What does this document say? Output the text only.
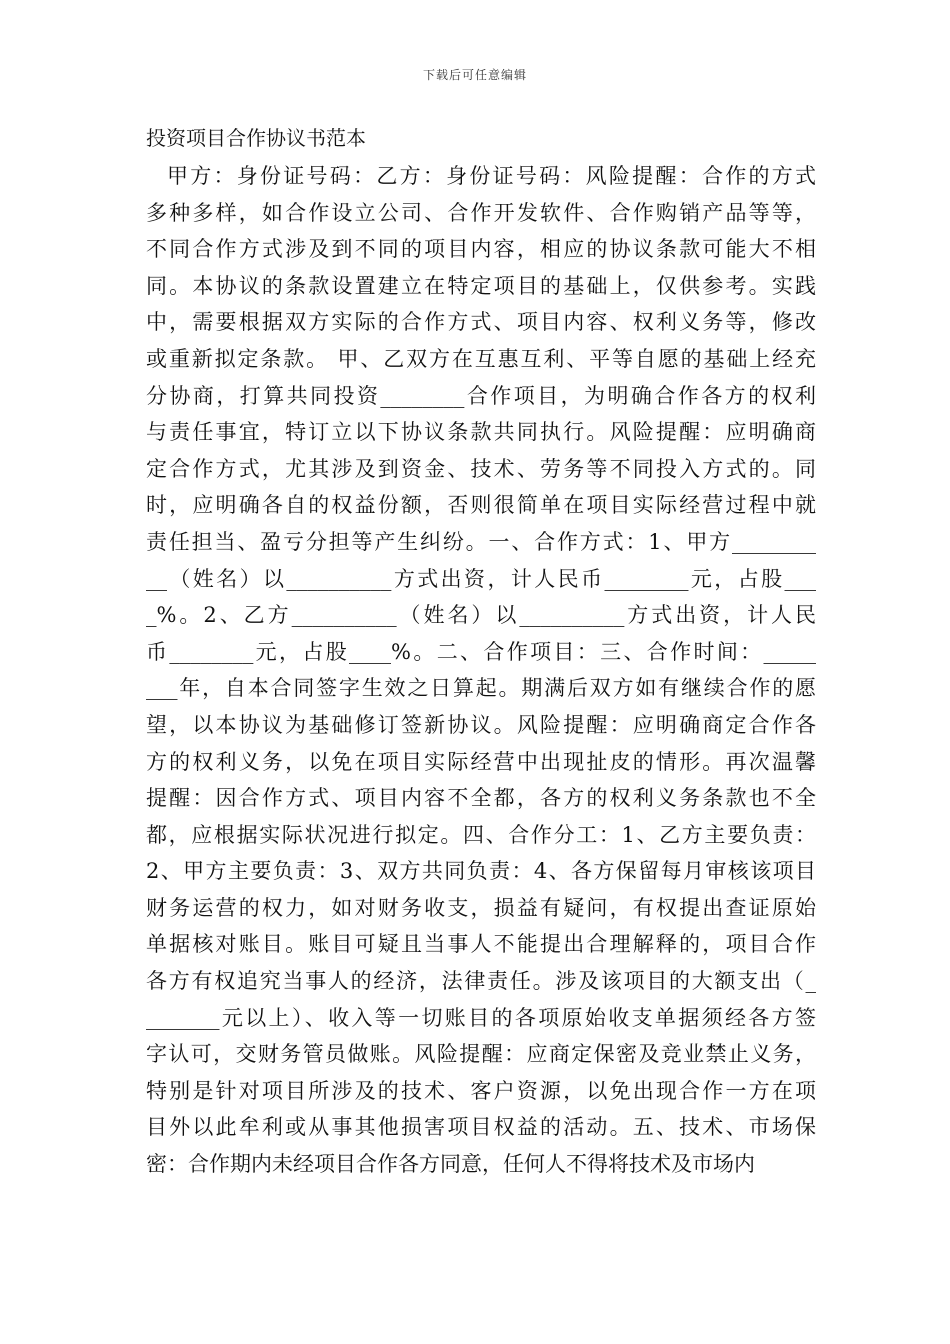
下载后可任意编辑
投资项目合作协议书范本
甲方：身份证号码：乙方：身份证号码：风险提醒：合作的方式
多种多样，如合作设立公司、合作开发软件、合作购销产品等等，
不同合作方式涉及到不同的项目内容，相应的协议条款可能大不相
同。本协议的条款设置建立在特定项目的基础上，仅供参考。实践
中，需要根据双方实际的合作方式、项目内容、权利义务等，修改
或重新拟定条款。 甲、乙双方在互惠互利、平等自愿的基础上经充
分协商，打算共同投资________合作项目，为明确合作各方的权利
与责任事宜，特订立以下协议条款共同执行。风险提醒：应明确商
定合作方式，尤其涉及到资金、技术、劳务等不同投入方式的。同
时，应明确各自的权益份额，否则很简单在项目实际经营过程中就
责任担当、盈亏分担等产生纠纷。一、合作方式：1、甲方________
__（姓名）以__________方式出资，计人民币________元，占股___
_%。2、乙方__________（姓名）以__________方式出资，计人民
币________元，占股____%。二、合作项目：三、合作时间：_____
___年，自本合同签字生效之日算起。期满后双方如有继续合作的愿
望，以本协议为基础修订签新协议。风险提醒：应明确商定合作各
方的权利义务，以免在项目实际经营中出现扯皮的情形。再次温馨
提醒：因合作方式、项目内容不全都，各方的权利义务条款也不全
都，应根据实际状况进行拟定。四、合作分工：1、乙方主要负责：
2、甲方主要负责：3、双方共同负责：4、各方保留每月审核该项目
财务运营的权力，如对财务收支，损益有疑问，有权提出查证原始
单据核对账目。账目可疑且当事人不能提出合理解释的，项目合作
各方有权追究当事人的经济，法律责任。涉及该项目的大额支出（_
_______元以上）、收入等一切账目的各项原始收支单据须经各方签
字认可，交财务管员做账。风险提醒：应商定保密及竞业禁止义务，
特别是针对项目所涉及的技术、客户资源，以免出现合作一方在项
目外以此牟利或从事其他损害项目权益的活动。五、技术、市场保
密：合作期内未经项目合作各方同意，任何人不得将技术及市场内
